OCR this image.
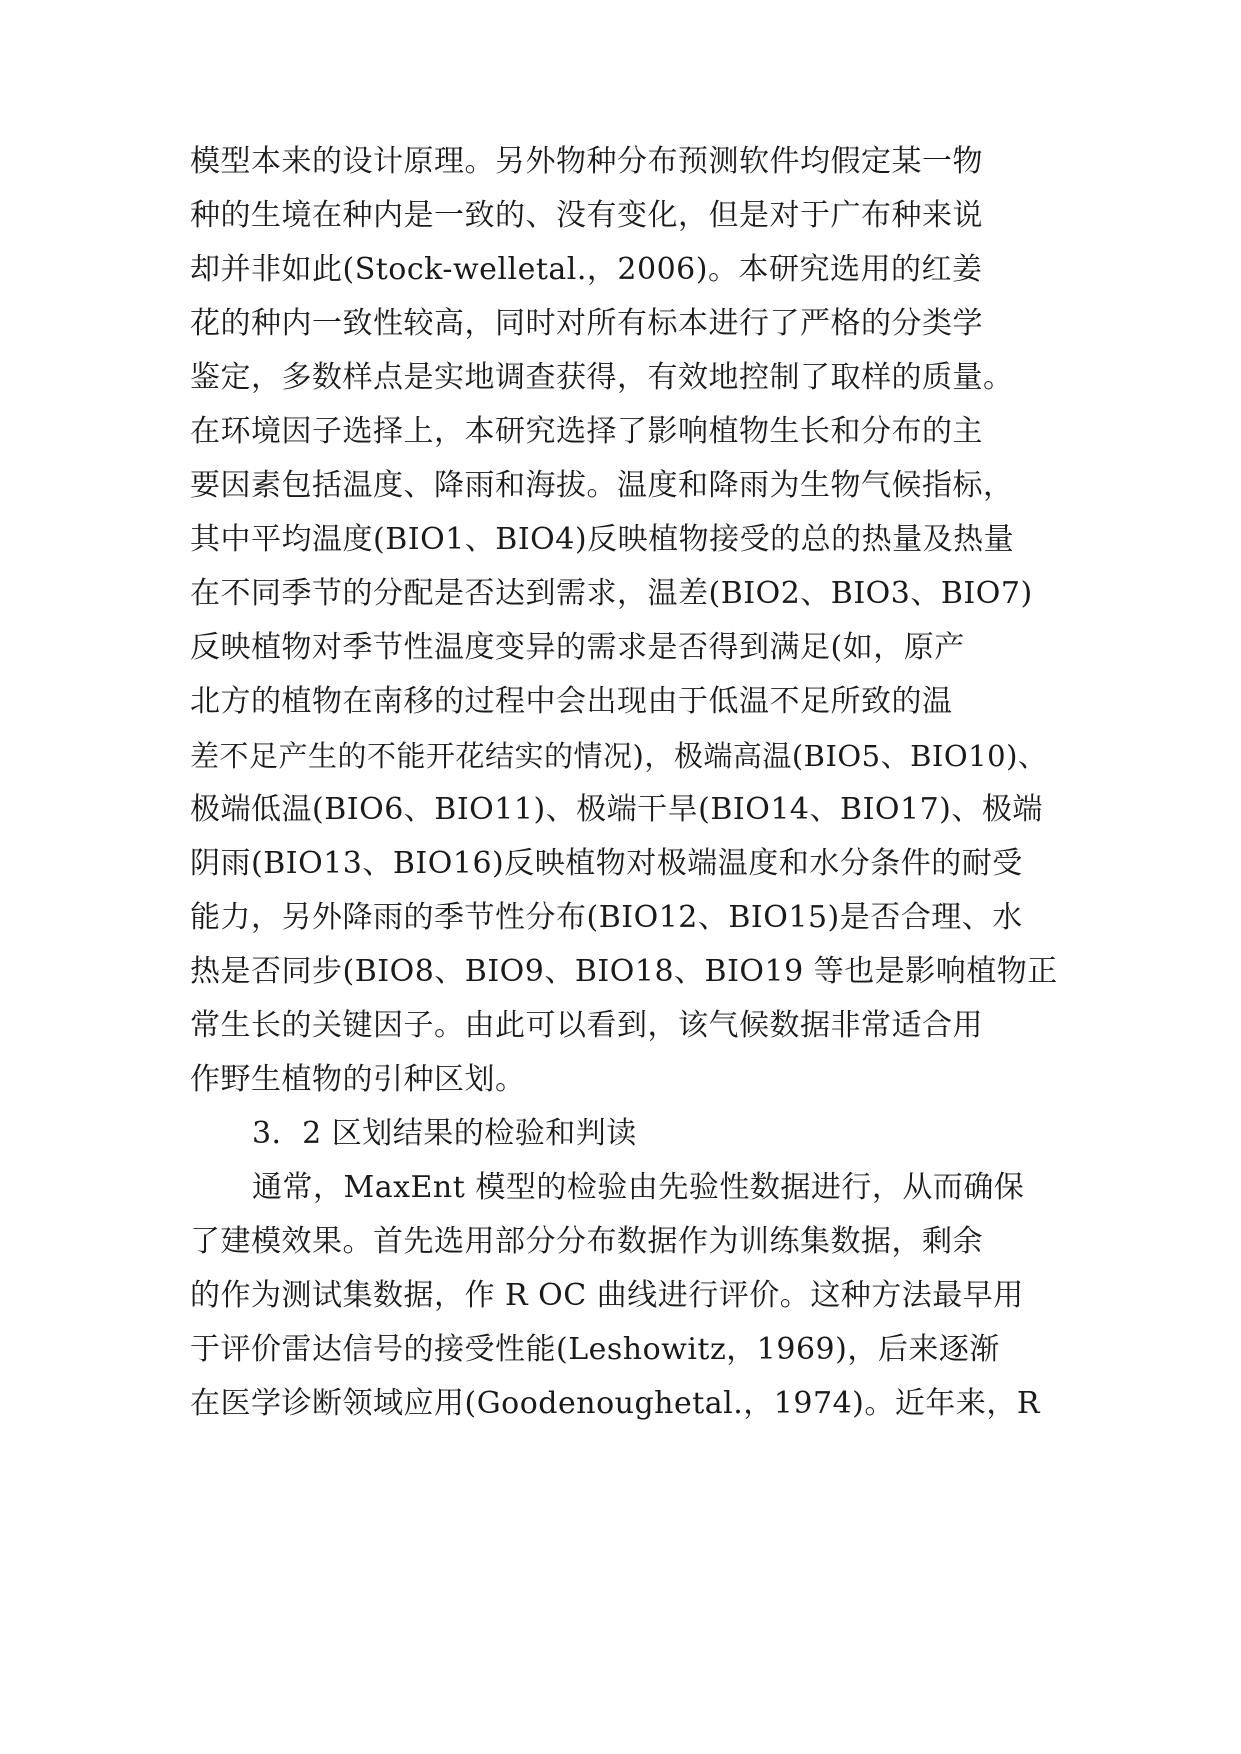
模型本来的设计原理。另外物种分布预测软件均假定某一物
种的生境在种内是一致的、没有变化，但是对于广布种来说
却并非如此(Stock-welletal.，2006)。本研究选用的红姜
花的种内一致性较高，同时对所有标本进行了严格的分类学
鉴定，多数样点是实地调查获得，有效地控制了取样的质量。
在环境因子选择上，本研究选择了影响植物生长和分布的主
要因素包括温度、降雨和海拔。温度和降雨为生物气候指标，
其中平均温度(BIO1、BIO4)反映植物接受的总的热量及热量
在不同季节的分配是否达到需求，温差(BIO2、BIO3、BIO7)
反映植物对季节性温度变异的需求是否得到满足(如，原产
北方的植物在南移的过程中会出现由于低温不足所致的温
差不足产生的不能开花结实的情况)，极端高温(BIO5、BIO10)、
极端低温(BIO6、BIO11)、极端干旱(BIO14、BIO17)、极端
阴雨(BIO13、BIO16)反映植物对极端温度和水分条件的耐受
能力，另外降雨的季节性分布(BIO12、BIO15)是否合理、水
热是否同步(BIO8、BIO9、BIO18、BIO19 等也是影响植物正
常生长的关键因子。由此可以看到，该气候数据非常适合用
作野生植物的引种区划。
3．2 区划结果的检验和判读
通常，MaxEnt 模型的检验由先验性数据进行，从而确保
了建模效果。首先选用部分分布数据作为训练集数据，剩余
的作为测试集数据，作 R OC 曲线进行评价。这种方法最早用
于评价雷达信号的接受性能(Leshowitz，1969)，后来逐渐
在医学诊断领域应用(Goodenoughetal.，1974)。近年来，R
